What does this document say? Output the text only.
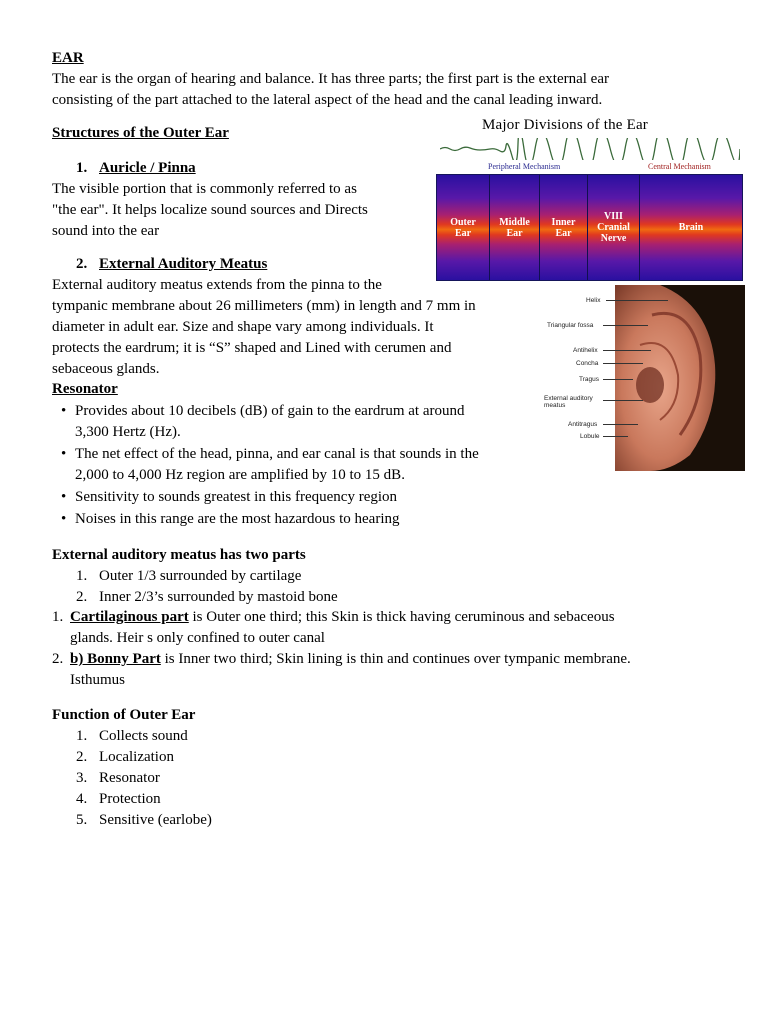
EAR
The ear is the organ of hearing and balance. It has three parts; the first part is the external ear
consisting of the part attached to the lateral aspect of the head and the canal leading inward.
Structures of the Outer Ear
1. Auricle / Pinna
The visible portion that is commonly referred to as
"the ear". It helps localize sound sources and Directs
sound into the ear
2. External Auditory Meatus
External auditory meatus extends from the pinna to the
tympanic membrane about 26 millimeters (mm) in length and 7 mm in
diameter in adult ear. Size and shape vary among individuals. It
protects the eardrum; it is “S” shaped and Lined with cerumen and
sebaceous glands.
Resonator
• Provides about 10 decibels (dB) of gain to the eardrum at around
3,300 Hertz (Hz).
• The net effect of the head, pinna, and ear canal is that sounds in the
2,000 to 4,000 Hz region are amplified by 10 to 15 dB.
• Sensitivity to sounds greatest in this frequency region
• Noises in this range are the most hazardous to hearing
External auditory meatus has two parts
1. Outer 1/3 surrounded by cartilage
2. Inner 2/3’s surrounded by mastoid bone
1. Cartilaginous part is Outer one third; this Skin is thick having ceruminous and sebaceous
glands. Heir s only confined to outer canal
2. b) Bonny Part is Inner two third; Skin lining is thin and continues over tympanic membrane.
Isthumus
Function of Outer Ear
1. Collects sound
2. Localization
3. Resonator
4. Protection
5. Sensitive (earlobe)
Major Divisions of the Ear
Peripheral Mechanism	Central Mechanism
Outer Ear
Middle Ear
Inner Ear
VIII Cranial Nerve
Brain
Helix
Triangular fossa
Antihelix
Concha
Tragus
External auditory meatus
Antitragus
Lobule
